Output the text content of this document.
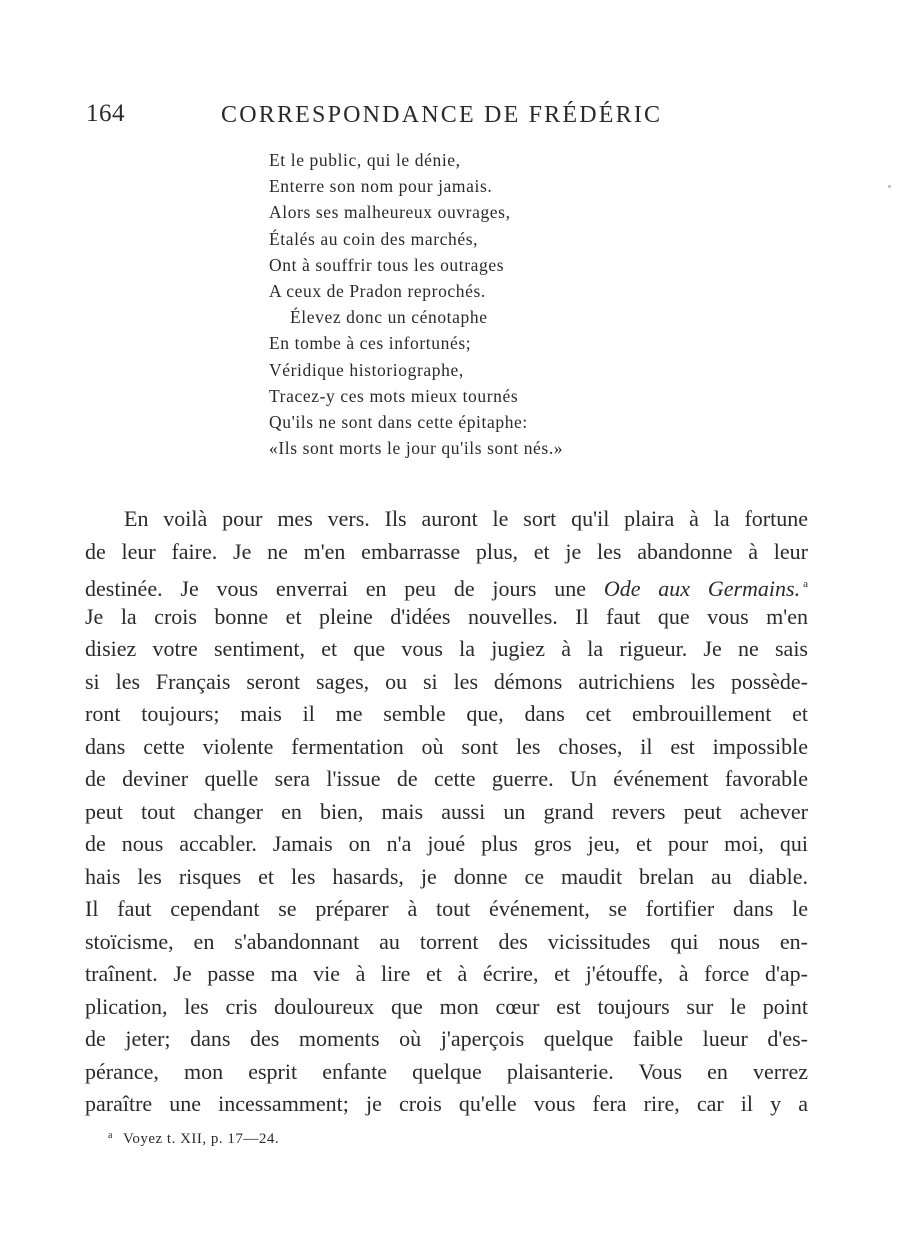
164	CORRESPONDANCE DE FRÉDÉRIC
Et le public, qui le dénie,
Enterre son nom pour jamais.
Alors ses malheureux ouvrages,
Étalés au coin des marchés,
Ont à souffrir tous les outrages
A ceux de Pradon reprochés.
Élevez donc un cénotaphe
En tombe à ces infortunés;
Véridique historiographe,
Tracez-y ces mots mieux tournés
Qu'ils ne sont dans cette épitaphe:
«Ils sont morts le jour qu'ils sont nés.»
En voilà pour mes vers. Ils auront le sort qu'il plaira à la fortune
de leur faire. Je ne m'en embarrasse plus, et je les abandonne à leur
destinée. Je vous enverrai en peu de jours une Ode aux Germains. $^a$
Je la crois bonne et pleine d'idées nouvelles. Il faut que vous m'en
disiez votre sentiment, et que vous la jugiez à la rigueur. Je ne sais
si les Français seront sages, ou si les démons autrichiens les possède-
ront toujours; mais il me semble que, dans cet embrouillement et
dans cette violente fermentation où sont les choses, il est impossible
de deviner quelle sera l'issue de cette guerre. Un événement favorable
peut tout changer en bien, mais aussi un grand revers peut achever
de nous accabler. Jamais on n'a joué plus gros jeu, et pour moi, qui
hais les risques et les hasards, je donne ce maudit brelan au diable.
Il faut cependant se préparer à tout événement, se fortifier dans le
stoïcisme, en s'abandonnant au torrent des vicissitudes qui nous en-
traînent. Je passe ma vie à lire et à écrire, et j'étouffe, à force d'ap-
plication, les cris douloureux que mon cœur est toujours sur le point
de jeter; dans des moments où j'aperçois quelque faible lueur d'es-
pérance, mon esprit enfante quelque plaisanterie. Vous en verrez
paraître une incessamment; je crois qu'elle vous fera rire, car il y a
$^a$ Voyez t. XII, p. 17—24.
